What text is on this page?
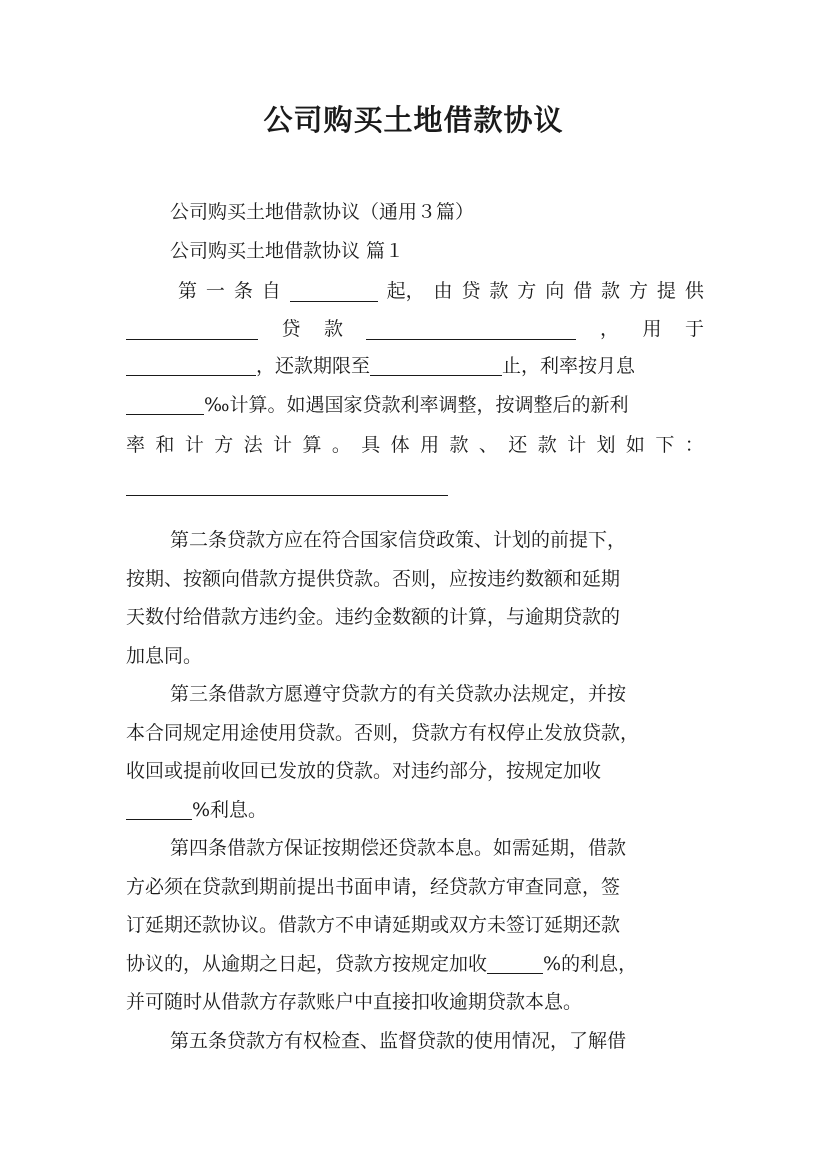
公司购买土地借款协议
公司购买土地借款协议（通用３篇）
公司购买土地借款协议 篇１
第 一 条 自	起， 由 贷 款 方 向 借 款 方 提 供
贷 款	， 用 于
，还款期限至	止，利率按月息
‰计算。如遇国家贷款利率调整，按调整后的新利
率 和 计 方 法 计 算 。 具 体 用 款 、 还 款 计 划 如 下 ：
第二条贷款方应在符合国家信贷政策、计划的前提下，
按期、按额向借款方提供贷款。否则，应按违约数额和延期
天数付给借款方违约金。违约金数额的计算，与逾期贷款的
加息同。
第三条借款方愿遵守贷款方的有关贷款办法规定，并按
本合同规定用途使用贷款。否则，贷款方有权停止发放贷款，
收回或提前收回已发放的贷款。对违约部分，按规定加收
%利息。
第四条借款方保证按期偿还贷款本息。如需延期，借款
方必须在贷款到期前提出书面申请，经贷款方审查同意，签
订延期还款协议。借款方不申请延期或双方未签订延期还款
协议的，从逾期之日起，贷款方按规定加收	%的利息，
并可随时从借款方存款账户中直接扣收逾期贷款本息。
第五条贷款方有权检查、监督贷款的使用情况，了解借
